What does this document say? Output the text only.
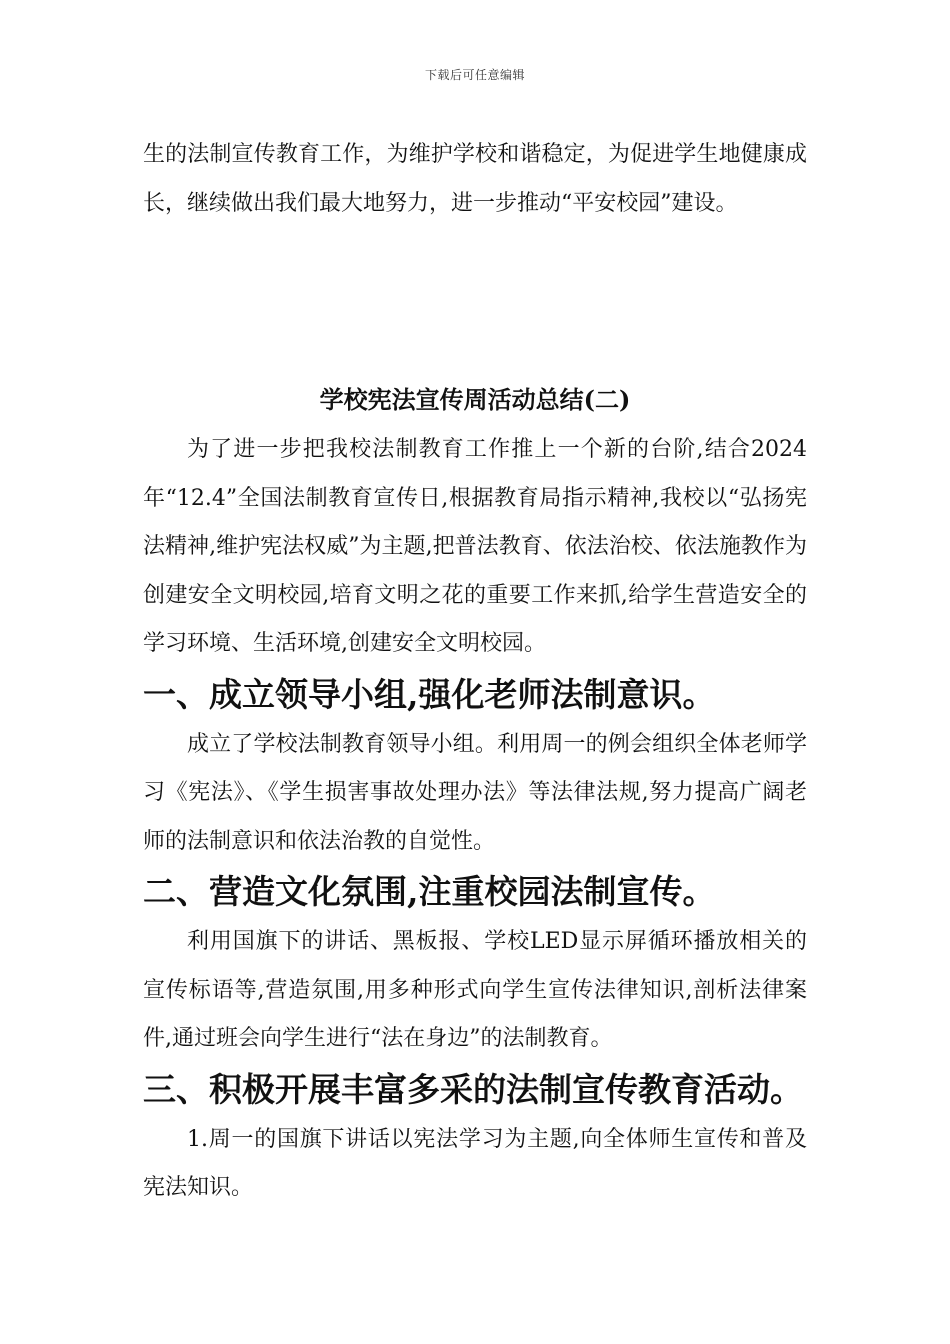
下载后可任意编辑

生的法制宣传教育工作，为维护学校和谐稳定，为促进学生地健康成长，继续做出我们最大地努力，进一步推动“平安校园”建设。

学校宪法宣传周活动总结(二)

为了进一步把我校法制教育工作推上一个新的台阶,结合2024年“12.4”全国法制教育宣传日,根据教育局指示精神,我校以“弘扬宪法精神,维护宪法权威”为主题,把普法教育、依法治校、依法施教作为创建安全文明校园,培育文明之花的重要工作来抓,给学生营造安全的学习环境、生活环境,创建安全文明校园。

一、成立领导小组,强化老师法制意识。

成立了学校法制教育领导小组。利用周一的例会组织全体老师学习《宪法》、《学生损害事故处理办法》等法律法规,努力提高广阔老师的法制意识和依法治教的自觉性。

二、营造文化氛围,注重校园法制宣传。

利用国旗下的讲话、黑板报、学校LED显示屏循环播放相关的宣传标语等,营造氛围,用多种形式向学生宣传法律知识,剖析法律案件,通过班会向学生进行“法在身边”的法制教育。

三、积极开展丰富多采的法制宣传教育活动。

1.周一的国旗下讲话以宪法学习为主题,向全体师生宣传和普及宪法知识。
